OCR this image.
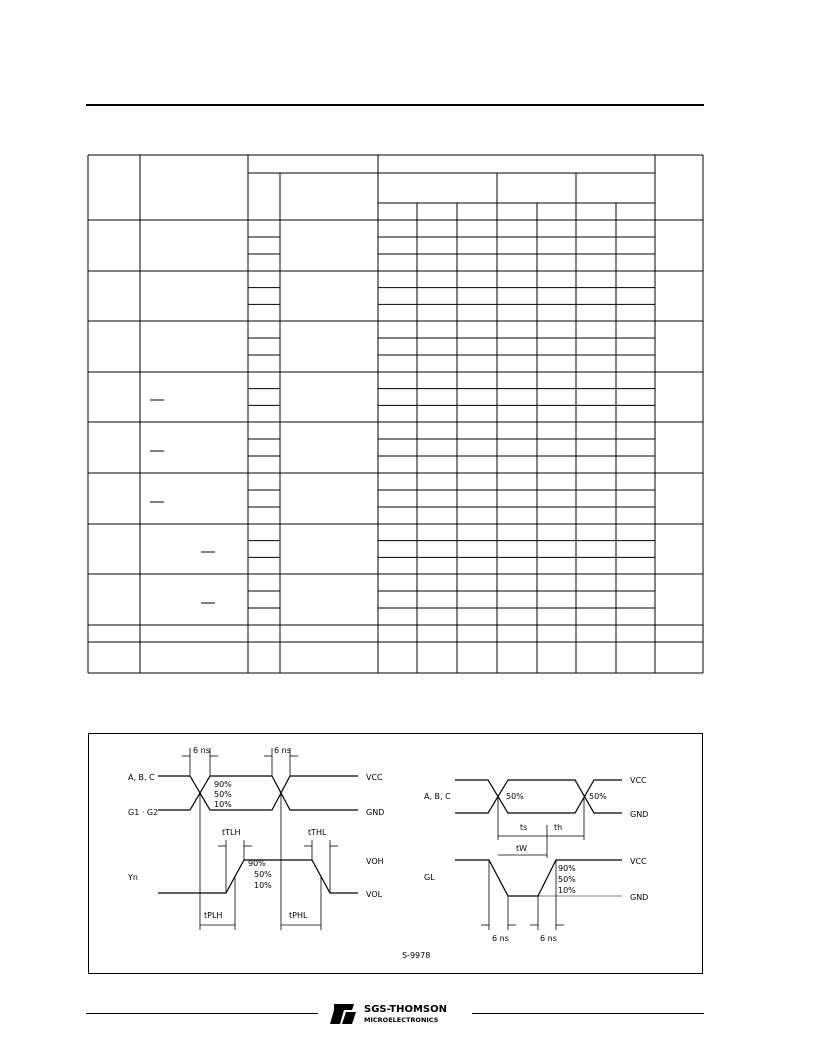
A, B, C
G1 · G2
6 ns	6 ns
90%
50%
10%
VCC
GND
tTLH	tTHL
Yn
90%
50%
10%
VOH
VOL
tPLH	tPHL
A, B, C	50%	50%
VCC
GND
ts	th
tW
GL
90%
50%
10%
VCC
GND
6 ns	6 ns
S-9978
SGS-THOMSON
MICROELECTRONICS
